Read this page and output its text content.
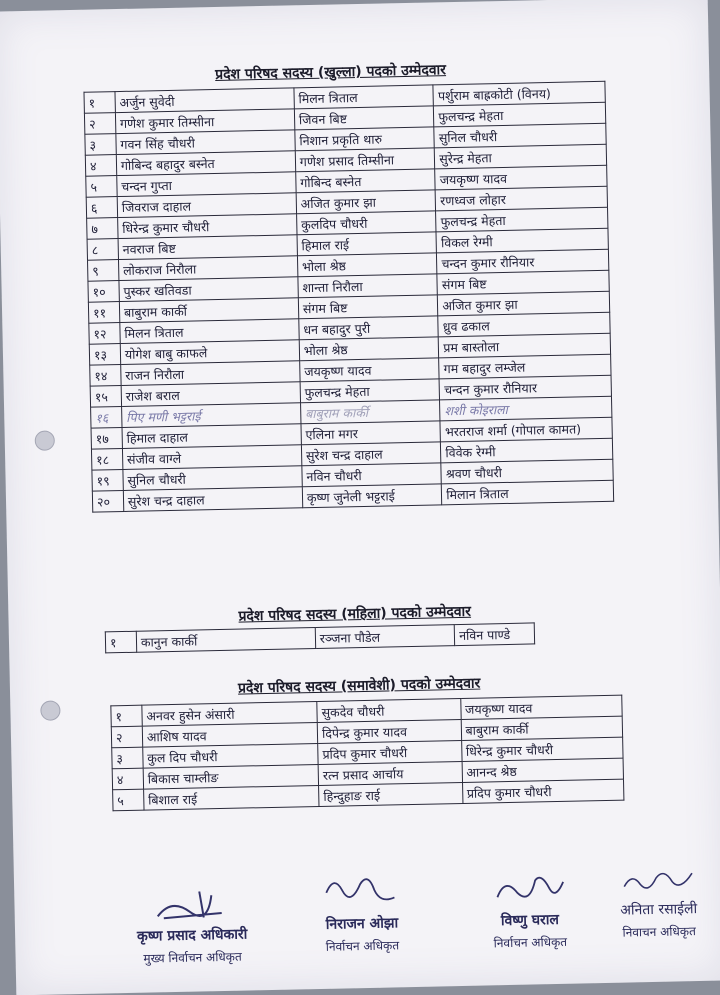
प्रदेश परिषद सदस्य (खुल्ला) पदको उम्मेदवार
१	अर्जुन सुवेदी	मिलन त्रिताल	पर्शुराम बाह्रकोटी (विनय)
२	गणेश कुमार तिम्सीना	जिवन बिष्ट	फुलचन्द्र मेहता
३	गवन सिंह चौधरी	निशान प्रकृति थारु	सुनिल चौधरी
४	गोबिन्द बहादुर बस्नेत	गणेश प्रसाद तिम्सीना	सुरेन्द्र मेहता
५	चन्दन गुप्ता	गोबिन्द बस्नेत	जयकृष्ण यादव
६	जिवराज दाहाल	अजित कुमार झा	रणध्वज लोहार
७	धिरेन्द्र कुमार चौधरी	कुलदिप चौधरी	फुलचन्द्र मेहता
८	नवराज बिष्ट	हिमाल राई	विकल रेग्मी
९	लोकराज निरौला	भोला श्रेष्ठ	चन्दन कुमार रौनियार
१०	पुस्कर खतिवडा	शान्ता निरौला	संगम बिष्ट
११	बाबुराम कार्की	संगम बिष्ट	अजित कुमार झा
१२	मिलन त्रिताल	धन बहादुर पुरी	ध्रुव ढकाल
१३	योगेश बाबु काफले	भोला श्रेष्ठ	प्रम बास्तोला
१४	राजन निरौला	जयकृष्ण यादव	गम बहादुर लम्जेल
१५	राजेश बराल	फुलचन्द्र मेहता	चन्दन कुमार रौनियार
१६	पिए मणी भट्टराई	बाबुराम कार्की	शशी कोइराला
१७	हिमाल दाहाल	एलिना मगर	भरतराज शर्मा (गोपाल कामत)
१८	संजीव वाग्ले	सुरेश चन्द्र दाहाल	विवेक रेग्मी
१९	सुनिल चौधरी	नविन चौधरी	श्रवण चौधरी
२०	सुरेश चन्द्र दाहाल	कृष्ण जुनेली भट्टराई	मिलान त्रिताल
प्रदेश परिषद सदस्य (महिला) पदको उम्मेदवार
१	कानुन कार्की	रञ्जना पौडेल	नविन पाण्डे
प्रदेश परिषद सदस्य (समावेशी) पदको उम्मेदवार
१	अनवर हुसेन अंसारी	सुकदेव चौधरी	जयकृष्ण यादव
२	आशिष यादव	दिपेन्द्र कुमार यादव	बाबुराम कार्की
३	कुल दिप चौधरी	प्रदिप कुमार चौधरी	धिरेन्द्र कुमार चौधरी
४	बिकास चाम्लीङ	रत्न प्रसाद आर्चाय	आनन्द श्रेष्ठ
५	बिशाल राई	हिन्दुहाङ राई	प्रदिप कुमार चौधरी
कृष्ण प्रसाद अधिकारी
मुख्य निर्वाचन अधिकृत
निराजन ओझा
निर्वाचन अधिकृत
विष्णु घराल
निर्वाचन अधिकृत
अनिता रसाईली
निवाचन अधिकृत
